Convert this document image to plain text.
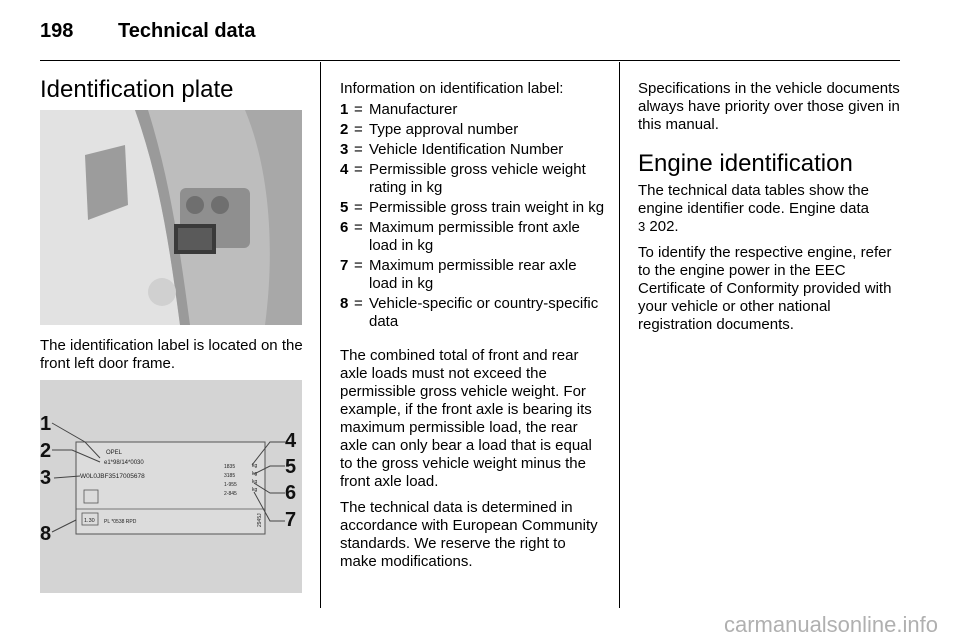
198 Technical data
Identification plate
The identification label is located on the front left door frame.
OPEL
e1*98/14*0030
W0L0JBF3517005678
1835
3185
1-955
2-845
kg
kg
kg
kg
1.30 PL *0538 RPD	2945J
1
2
3
8
4
5
6
7

Information on identification label:

1 = Manufacturer
2 = Type approval number
3 = Vehicle Identification Number
4 = Permissible gross vehicle weight rating in kg
5 = Permissible gross train weight in kg
6 = Maximum permissible front axle load in kg
7 = Maximum permissible rear axle load in kg
8 = Vehicle-specific or country-specific data

The combined total of front and rear axle loads must not exceed the permissible gross vehicle weight. For example, if the front axle is bearing its maximum permissible load, the rear axle can only bear a load that is equal to the gross vehicle weight minus the front axle load.

The technical data is determined in accordance with European Community standards. We reserve the right to make modifications.

Specifications in the vehicle documents always have priority over those given in this manual.

Engine identification

The technical data tables show the engine identifier code. Engine data
3 202.

To identify the respective engine, refer to the engine power in the EEC Certificate of Conformity provided with your vehicle or other national registration documents.

carmanualsonline.info
